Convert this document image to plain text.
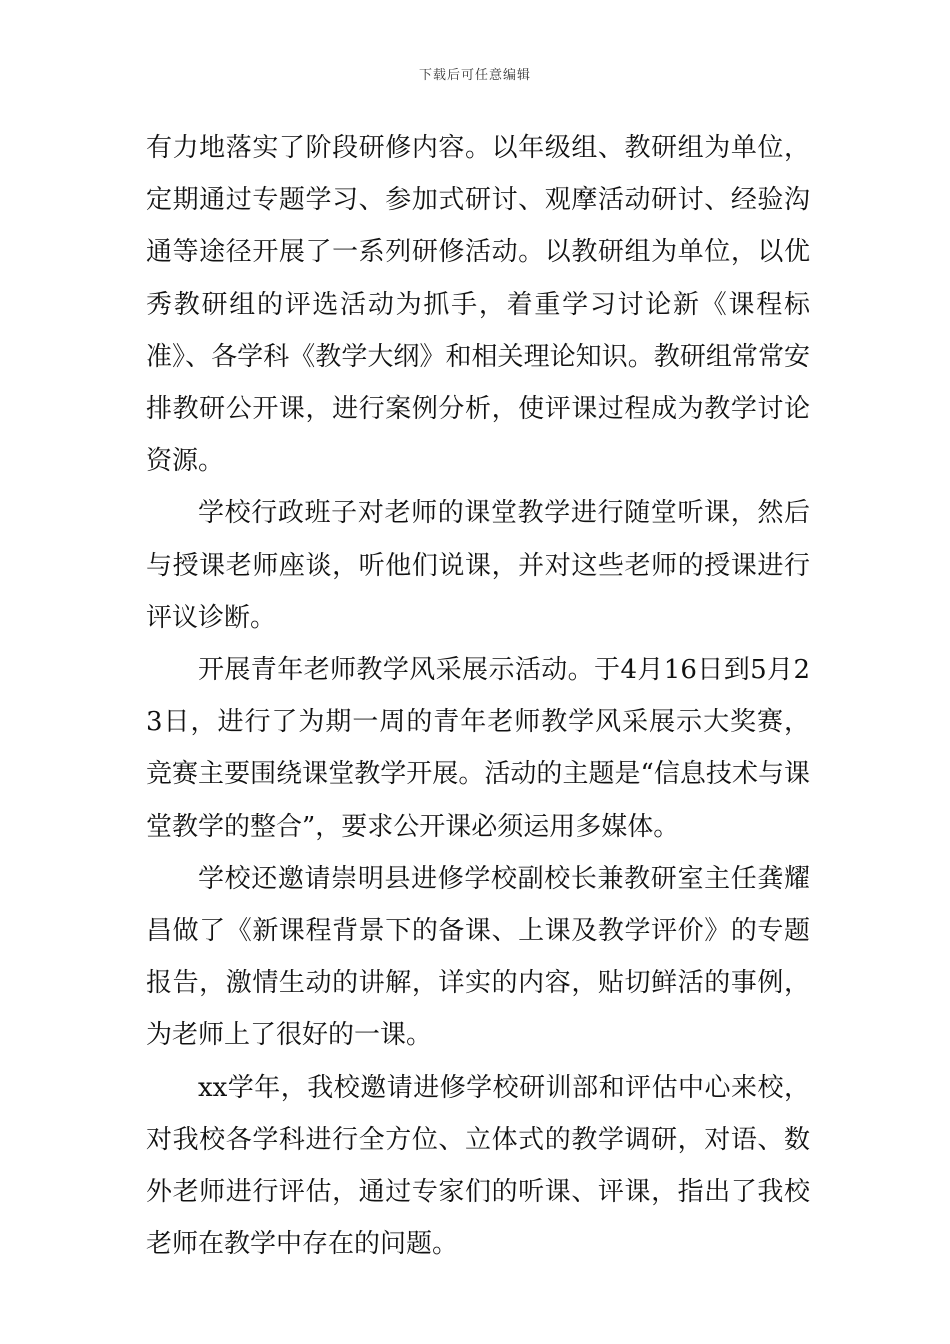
下载后可任意编辑

有力地落实了阶段研修内容。以年级组、教研组为单位，定期通过专题学习、参加式研讨、观摩活动研讨、经验沟通等途径开展了一系列研修活动。以教研组为单位，以优秀教研组的评选活动为抓手，着重学习讨论新《课程标准》、各学科《教学大纲》和相关理论知识。教研组常常安排教研公开课，进行案例分析，使评课过程成为教学讨论资源。

学校行政班子对老师的课堂教学进行随堂听课，然后与授课老师座谈，听他们说课，并对这些老师的授课进行评议诊断。

开展青年老师教学风采展示活动。于4月16日到5月23日，进行了为期一周的青年老师教学风采展示大奖赛，竞赛主要围绕课堂教学开展。活动的主题是“信息技术与课堂教学的整合”，要求公开课必须运用多媒体。

学校还邀请崇明县进修学校副校长兼教研室主任龚耀昌做了《新课程背景下的备课、上课及教学评价》的专题报告，激情生动的讲解，详实的内容，贴切鲜活的事例，为老师上了很好的一课。

xx学年，我校邀请进修学校研训部和评估中心来校，对我校各学科进行全方位、立体式的教学调研，对语、数外老师进行评估，通过专家们的听课、评课，指出了我校老师在教学中存在的问题。
